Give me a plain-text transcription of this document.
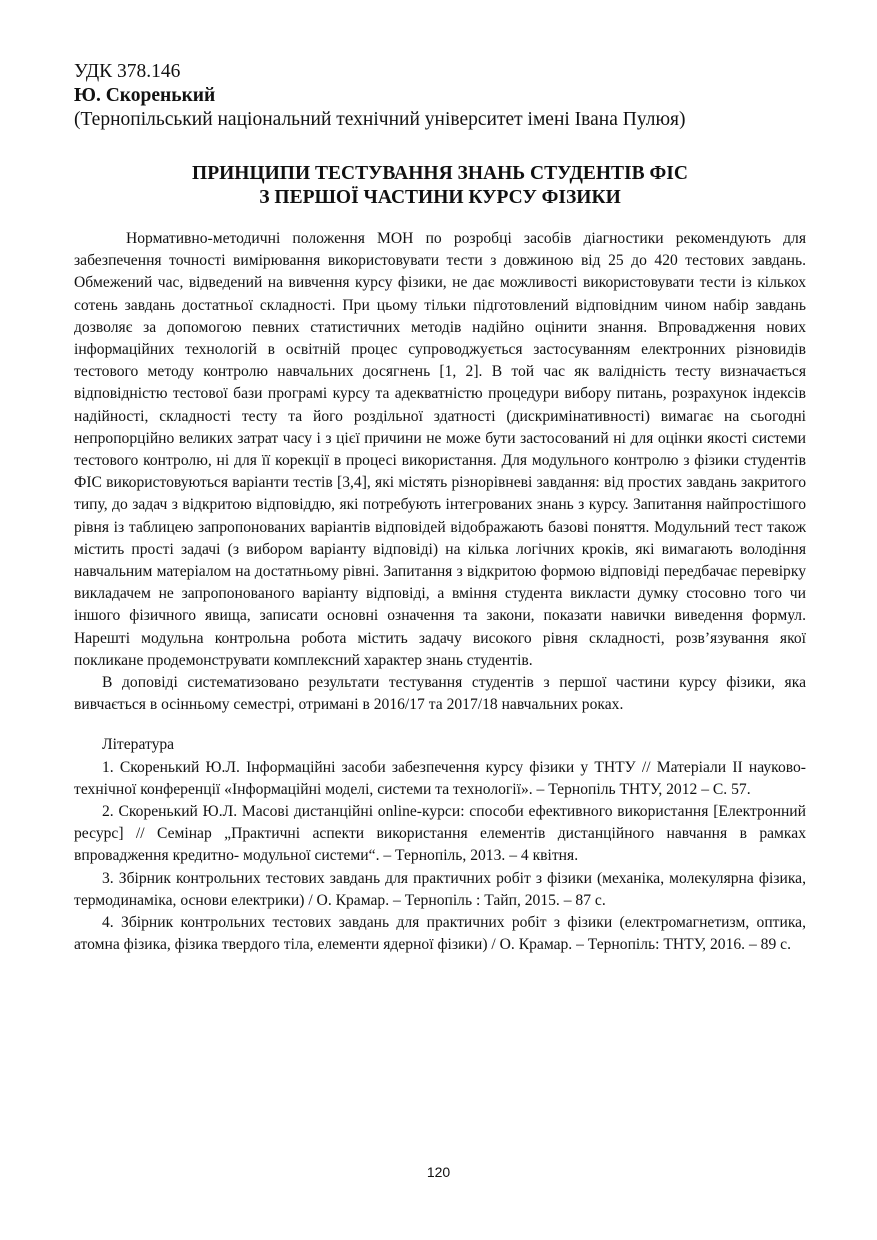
УДК 378.146

Ю. Скоренький

(Тернопільський національний технічний університет імені Івана Пулюя)

ПРИНЦИПИ ТЕСТУВАННЯ ЗНАНЬ СТУДЕНТІВ ФІС
З ПЕРШОЇ ЧАСТИНИ КУРСУ ФІЗИКИ

Нормативно-методичні положення МОН по розробці засобів діагностики рекомендують для забезпечення точності вимірювання використовувати тести з довжиною від 25 до 420 тестових завдань. Обмежений час, відведений на вивчення курсу фізики, не дає можливості використовувати тести із кількох сотень завдань достатньої складності. При цьому тільки підготовлений відповідним чином набір завдань дозволяє за допомогою певних статистичних методів надійно оцінити знання. Впровадження нових інформаційних технологій в освітній процес супроводжується застосуванням електронних різновидів тестового методу контролю навчальних досягнень [1, 2]. В той час як валідність тесту визначається відповідністю тестової бази програмі курсу та адекватністю процедури вибору питань, розрахунок індексів надійності, складності тесту та його роздільної здатності (дискримінативності) вимагає на сьогодні непропорційно великих затрат часу і з цієї причини не може бути застосований ні для оцінки якості системи тестового контролю, ні для її корекції в процесі використання. Для модульного контролю з фізики студентів ФІС використовуються варіанти тестів [3,4], які містять різнорівневі завдання: від простих завдань закритого типу, до задач з відкритою відповіддю, які потребують інтегрованих знань з курсу. Запитання найпростішого рівня із таблицею запропонованих варіантів відповідей відображають базові поняття. Модульний тест також містить прості задачі (з вибором варіанту відповіді) на кілька логічних кроків, які вимагають володіння навчальним матеріалом на достатньому рівні. Запитання з відкритою формою відповіді передбачає перевірку викладачем не запропонованого варіанту відповіді, а вміння студента викласти думку стосовно того чи іншого фізичного явища, записати основні означення та закони, показати навички виведення формул. Нарешті модульна контрольна робота містить задачу високого рівня складності, розв’язування якої покликане продемонструвати комплексний характер знань студентів.

В доповіді систематизовано результати тестування студентів з першої частини курсу фізики, яка вивчається в осінньому семестрі, отримані в 2016/17 та 2017/18 навчальних роках.

Література

1. Скоренький Ю.Л. Інформаційні засоби забезпечення курсу фізики у ТНТУ // Матеріали ІІ науково-технічної конференції «Інформаційні моделі, системи та технології». – Тернопіль ТНТУ, 2012 – С. 57.

2. Скоренький Ю.Л. Масові дистанційні online-курси: способи ефективного використання [Електронний ресурс] // Семінар „Практичні аспекти використання елементів дистанційного навчання в рамках впровадження кредитно- модульної системи“. – Тернопіль, 2013. – 4 квітня.

3. Збірник контрольних тестових завдань для практичних робіт з фізики (механіка, молекулярна фізика, термодинаміка, основи електрики) / О. Крамар. – Тернопіль : Тайп, 2015. – 87 с.

4. Збірник контрольних тестових завдань для практичних робіт з фізики (електромагнетизм, оптика, атомна фізика, фізика твердого тіла, елементи ядерної фізики) / О. Крамар. – Тернопіль: ТНТУ, 2016. – 89 с.

120
